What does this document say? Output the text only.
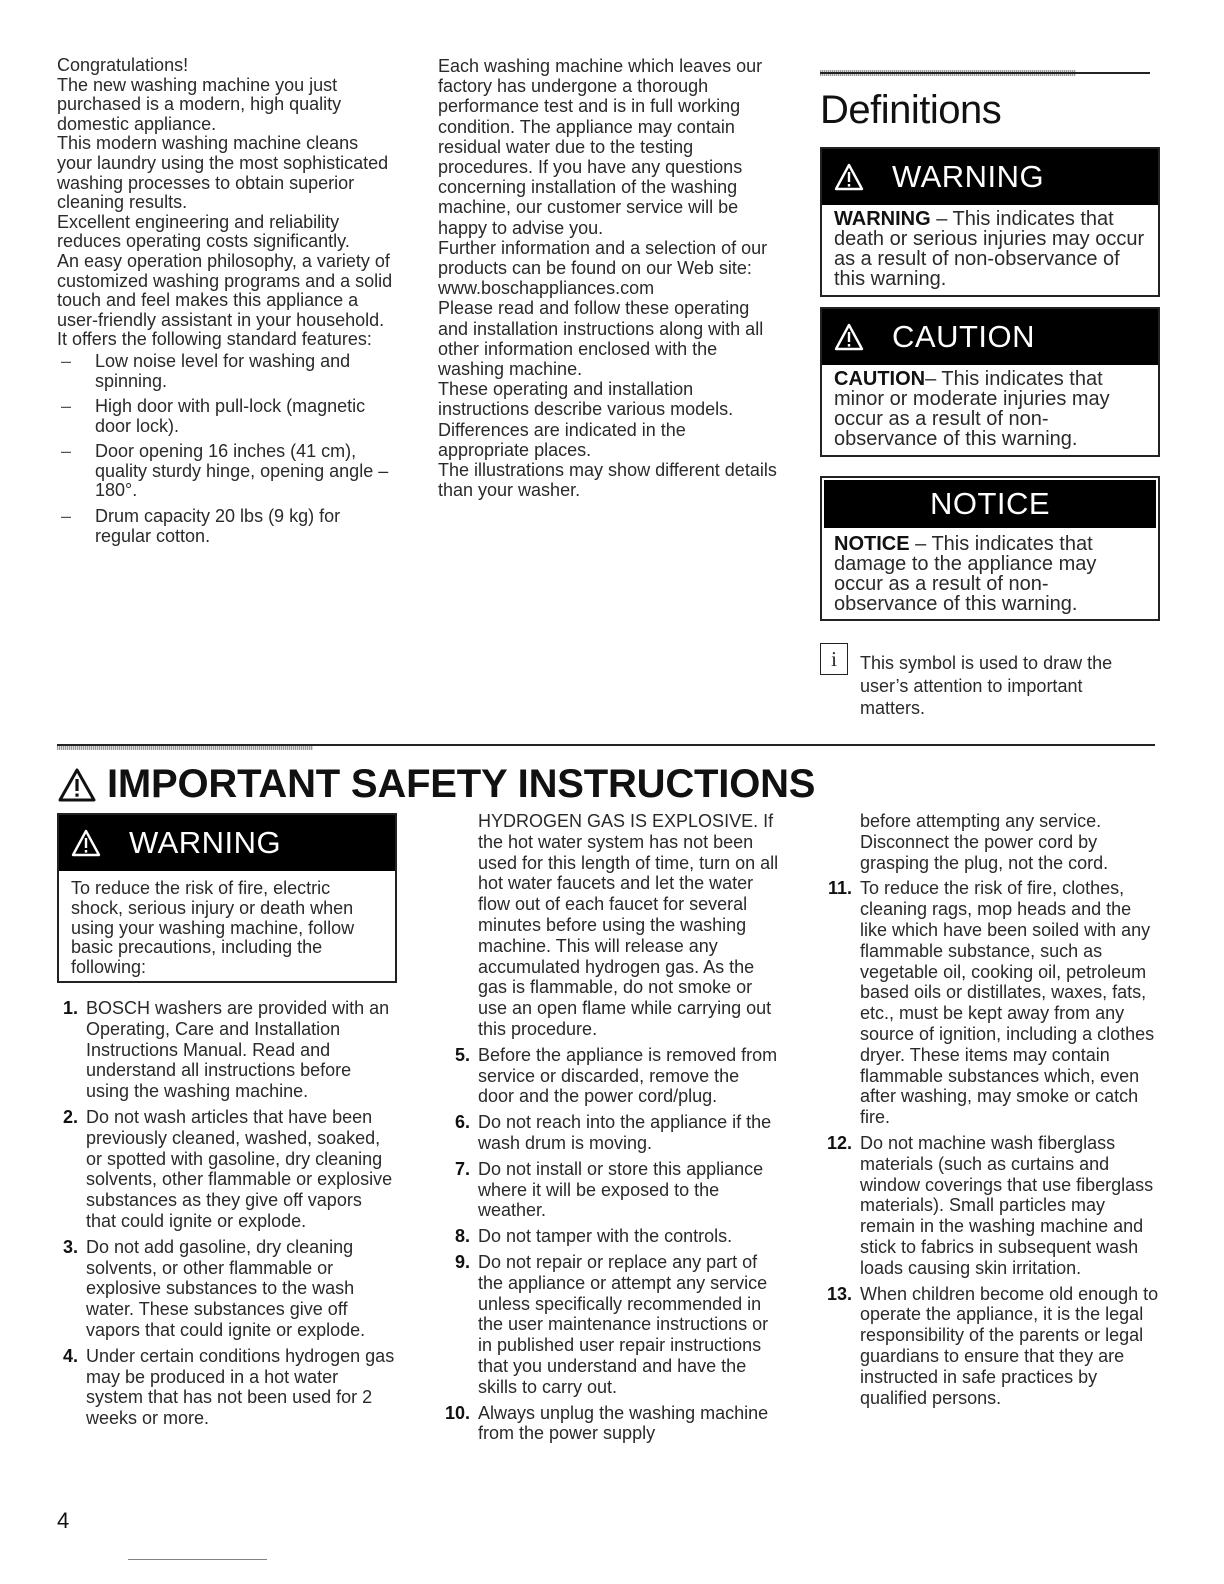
Congratulations!

The new washing machine you just purchased is a modern, high quality domestic appliance.

This modern washing machine cleans your laundry using the most sophisticated washing processes to obtain superior cleaning results.

Excellent engineering and reliability reduces operating costs significantly.

An easy operation philosophy, a variety of customized washing programs and a solid touch and feel makes this appliance a user-friendly assistant in your household.

It offers the following standard features:

– Low noise level for washing and spinning.
– High door with pull-lock (magnetic door lock).
– Door opening 16 inches (41 cm), quality sturdy hinge, opening angle –180°.
– Drum capacity 20 lbs (9 kg) for regular cotton.

Each washing machine which leaves our factory has undergone a thorough performance test and is in full working condition. The appliance may contain residual water due to the testing procedures. If you have any questions concerning installation of the washing machine, our customer service will be happy to advise you.

Further information and a selection of our products can be found on our Web site: www.boschappliances.com

Please read and follow these operating and installation instructions along with all other information enclosed with the washing machine.

These operating and installation instructions describe various models. Differences are indicated in the appropriate places.

The illustrations may show different details than your washer.

Definitions
WARNING
WARNING – This indicates that death or serious injuries may occur as a result of non-observance of this warning.
CAUTION
CAUTION– This indicates that minor or moderate injuries may occur as a result of non-observance of this warning.
NOTICE
NOTICE – This indicates that damage to the appliance may occur as a result of non-observance of this warning.
i	This symbol is used to draw the user’s attention to important matters.
IMPORTANT SAFETY INSTRUCTIONS
WARNING
To reduce the risk of fire, electric shock, serious injury or death when using your washing machine, follow basic precautions, including the following:
1. BOSCH washers are provided with an Operating, Care and Installation Instructions Manual. Read and understand all instructions before using the washing machine.
2. Do not wash articles that have been previously cleaned, washed, soaked, or spotted with gasoline, dry cleaning solvents, other flammable or explosive substances as they give off vapors that could ignite or explode.
3. Do not add gasoline, dry cleaning solvents, or other flammable or explosive substances to the wash water. These substances give off vapors that could ignite or explode.
4. Under certain conditions hydrogen gas may be produced in a hot water system that has not been used for 2 weeks or more.

HYDROGEN GAS IS EXPLOSIVE. If the hot water system has not been used for this length of time, turn on all hot water faucets and let the water flow out of each faucet for several minutes before using the washing machine. This will release any accumulated hydrogen gas. As the gas is flammable, do not smoke or use an open flame while carrying out this procedure.

5. Before the appliance is removed from service or discarded, remove the door and the power cord/plug.
6. Do not reach into the appliance if the wash drum is moving.
7. Do not install or store this appliance where it will be exposed to the weather.
8. Do not tamper with the controls.
9. Do not repair or replace any part of the appliance or attempt any service unless specifically recommended in the user maintenance instructions or in published user repair instructions that you understand and have the skills to carry out.
10. Always unplug the washing machine from the power supply

before attempting any service. Disconnect the power cord by grasping the plug, not the cord.

11. To reduce the risk of fire, clothes, cleaning rags, mop heads and the like which have been soiled with any flammable substance, such as vegetable oil, cooking oil, petroleum based oils or distillates, waxes, fats, etc., must be kept away from any source of ignition, including a clothes dryer. These items may contain flammable substances which, even after washing, may smoke or catch fire.
12. Do not machine wash fiberglass materials (such as curtains and window coverings that use fiberglass materials). Small particles may remain in the washing machine and stick to fabrics in subsequent wash loads causing skin irritation.
13. When children become old enough to operate the appliance, it is the legal responsibility of the parents or legal guardians to ensure that they are instructed in safe practices by qualified persons.
4
